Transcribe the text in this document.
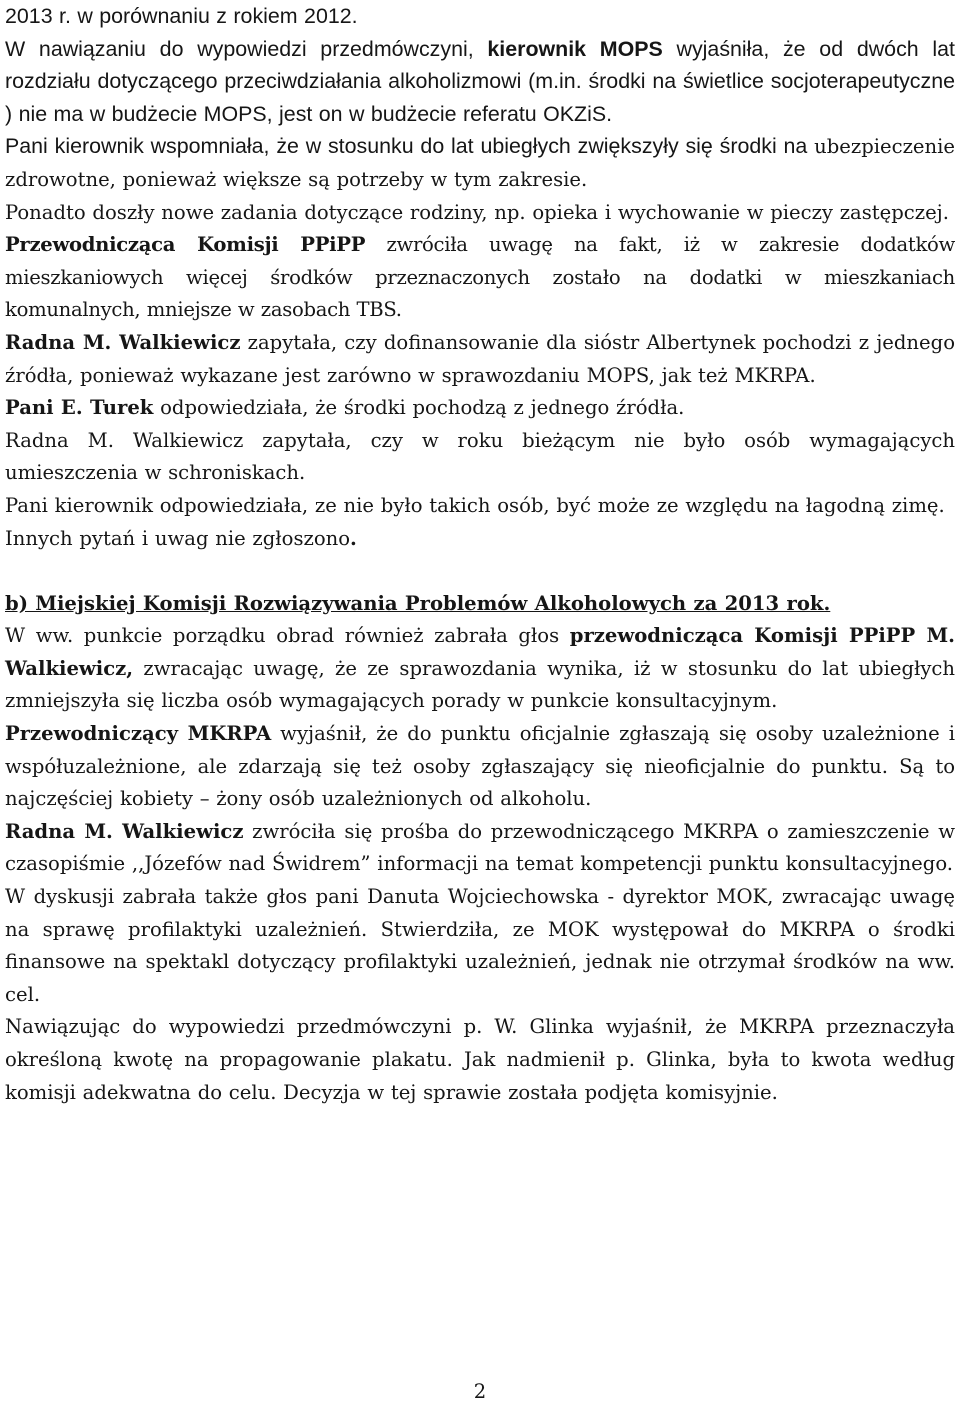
2013 r. w porównaniu z rokiem 2012.

W nawiązaniu do wypowiedzi przedmówczyni, kierownik MOPS wyjaśniła, że od dwóch lat rozdziału dotyczącego przeciwdziałania alkoholizmowi (m.in. środki na świetlice socjoterapeutyczne ) nie ma w budżecie MOPS, jest on w budżecie referatu OKZiS.

Pani kierownik wspomniała, że w stosunku do lat ubiegłych zwiększyły się środki na ubezpieczenie zdrowotne, ponieważ większe są potrzeby w tym zakresie.

Ponadto doszły nowe zadania dotyczące rodziny, np. opieka i wychowanie w pieczy zastępczej.

Przewodnicząca Komisji PPiPP zwróciła uwagę na fakt, iż w zakresie dodatków mieszkaniowych więcej środków przeznaczonych zostało na dodatki w mieszkaniach komunalnych, mniejsze w zasobach TBS.

Radna M. Walkiewicz zapytała, czy dofinansowanie dla sióstr Albertynek pochodzi z jednego źródła, ponieważ wykazane jest zarówno w sprawozdaniu MOPS, jak też MKRPA.

Pani E. Turek odpowiedziała, że środki pochodzą z jednego źródła.

Radna M. Walkiewicz zapytała, czy w roku bieżącym nie było osób wymagających umieszczenia w schroniskach.

Pani kierownik odpowiedziała, ze nie było takich osób, być może ze względu na łagodną zimę.

Innych pytań i uwag nie zgłoszono.

b) Miejskiej Komisji Rozwiązywania Problemów Alkoholowych za 2013 rok.

W ww. punkcie porządku obrad również zabrała głos przewodnicząca Komisji PPiPP M. Walkiewicz, zwracając uwagę, że ze sprawozdania wynika, iż w stosunku do lat ubiegłych zmniejszyła się liczba osób wymagających porady w punkcie konsultacyjnym.

Przewodniczący MKRPA wyjaśnił, że do punktu oficjalnie zgłaszają się osoby uzależnione i współuzależnione, ale zdarzają się też osoby zgłaszający się nieoficjalnie do punktu. Są to najczęściej kobiety – żony osób uzależnionych od alkoholu.

Radna M. Walkiewicz zwróciła się prośba do przewodniczącego MKRPA o zamieszczenie w czasopiśmie ,,Józefów nad Świdrem” informacji na temat kompetencji punktu konsultacyjnego.

W dyskusji zabrała także głos pani Danuta Wojciechowska - dyrektor MOK, zwracając uwagę na sprawę profilaktyki uzależnień. Stwierdziła, ze MOK występował do MKRPA o środki finansowe na spektakl dotyczący profilaktyki uzależnień, jednak nie otrzymał środków na ww. cel.

Nawiązując do wypowiedzi przedmówczyni p. W. Glinka wyjaśnił, że MKRPA przeznaczyła określoną kwotę na propagowanie plakatu. Jak nadmienił p. Glinka, była to kwota według komisji adekwatna do celu. Decyzja w tej sprawie została podjęta komisyjnie.

2
